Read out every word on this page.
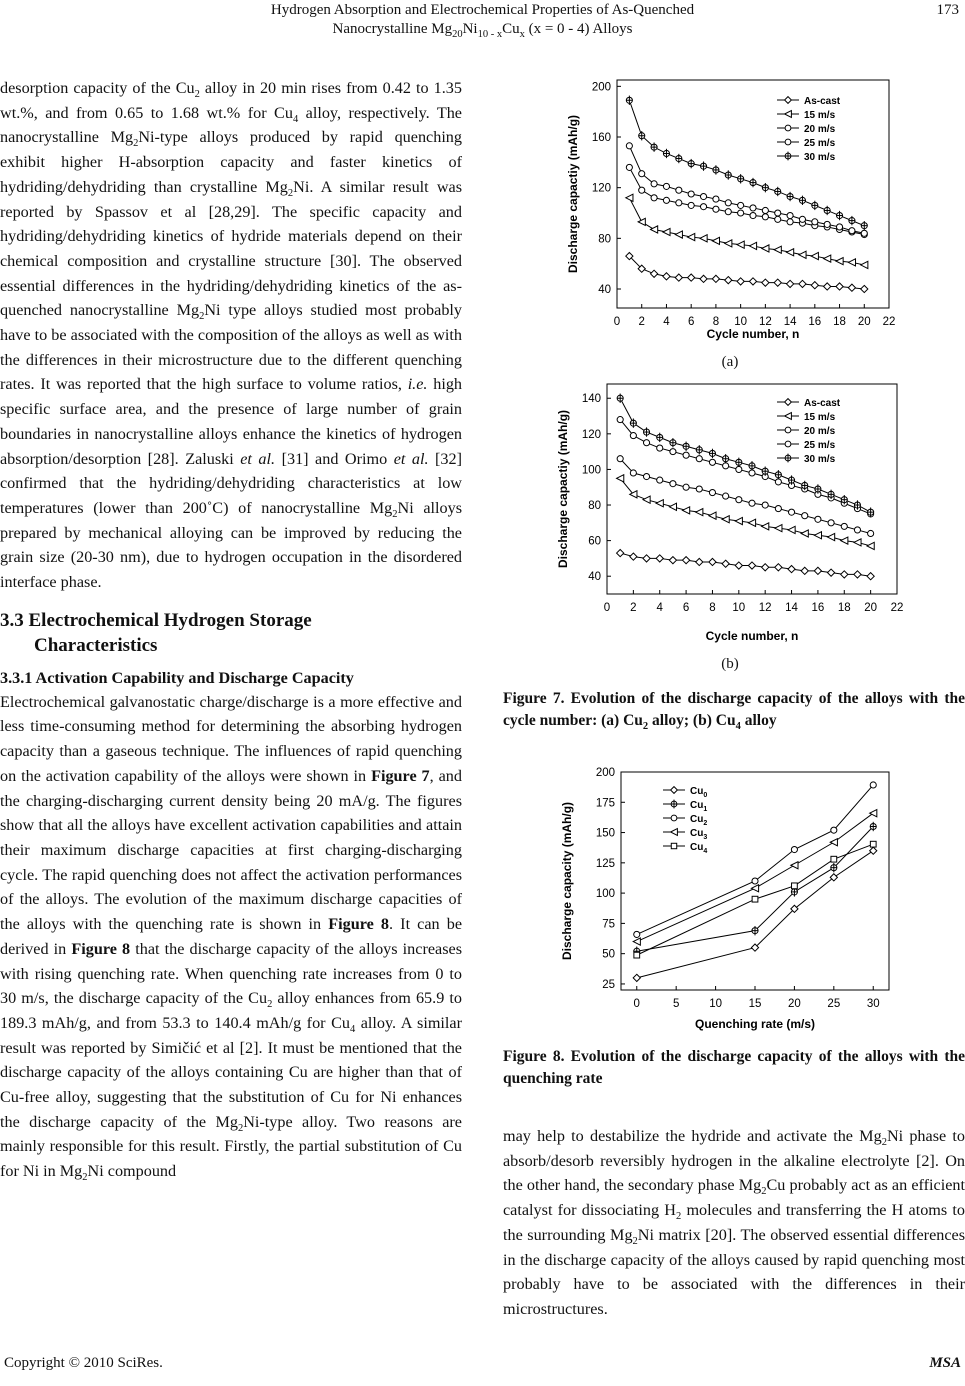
Hydrogen Absorption and Electrochemical Properties of As-Quenched
Nanocrystalline $Mg_{20}Ni_{10 - x}Cu_x$ (x = 0 - 4) Alloys
173

desorption capacity of the $Cu_2$ alloy in 20 min rises from 0.42 to 1.35 wt.%, and from 0.65 to 1.68 wt.% for $Cu_4$ alloy, respectively. The nanocrystalline $Mg_2Ni$-type alloys produced by rapid quenching exhibit higher H-absorption capacity and faster kinetics of hydriding/dehydriding than crystalline $Mg_2Ni$. A similar result was reported by Spassov et al [28,29]. The specific capacity and hydriding/dehydriding kinetics of hydride materials depend on their chemical composition and crystalline structure [30]. The observed essential differences in the hydriding/dehydriding kinetics of the as-quenched nanocrystalline $Mg_2Ni$ type alloys studied most probably have to be associated with the composition of the alloys as well as with the differences in their microstructure due to the different quenching rates. It was reported that the high surface to volume ratios, i.e. high specific surface area, and the presence of large number of grain boundaries in nanocrystalline alloys enhance the kinetics of hydrogen absorption/desorption [28]. Zaluski et al. [31] and Orimo et al. [32] confirmed that the hydriding/dehydriding characteristics at low temperatures (lower than 200˚C) of nanocrystalline $Mg_2Ni$ alloys prepared by mechanical alloying can be improved by reducing the grain size (20-30 nm), due to hydrogen occupation in the disordered interface phase.

3.3 Electrochemical Hydrogen Storage
Characteristics
3.3.1 Activation Capability and Discharge Capacity

Electrochemical galvanostatic charge/discharge is a more effective and less time-consuming method for determining the absorbing hydrogen capacity than a gaseous technique. The influences of rapid quenching on the activation capability of the alloys were shown in Figure 7, and the charging-discharging current density being 20 mA/g. The figures show that all the alloys have excellent activation capabilities and attain their maximum discharge capacities at first charging-discharging cycle. The rapid quenching does not affect the activation performances of the alloys. The evolution of the maximum discharge capacities of the alloys with the quenching rate is shown in Figure 8. It can be derived in Figure 8 that the discharge capacity of the alloys increases with rising quenching rate. When quenching rate increases from 0 to 30 m/s, the discharge capacity of the $Cu_2$ alloy enhances from 65.9 to 189.3 mAh/g, and from 53.3 to 140.4 mAh/g for $Cu_4$ alloy. A similar result was reported by Simičić et al [2]. It must be mentioned that the discharge capacity of the alloys containing Cu are higher than that of Cu-free alloy, suggesting that the substitution of Cu for Ni enhances the discharge capacity of the $Mg_2Ni$-type alloy. Two reasons are mainly responsible for this result. Firstly, the partial substitution of Cu for Ni in $Mg_2Ni$ compound

0 2 4 6 8 10 12 14 16 18 20 22
40
80
120
160
200
Cycle number, n
Discharge capactiy (mAh/g)
As-cast
15 m/s
20 m/s
25 m/s
30 m/s
(a)
0 2 4 6 8 10 12 14 16 18 20 22
40
60
80
100
120
140
Cycle number, n
Discharge capactiy (mAh/g)
As-cast
15 m/s
20 m/s
25 m/s
30 m/s
(b)
Figure 7. Evolution of the discharge capacity of the alloys with the cycle number: (a) $Cu_2$ alloy; (b) $Cu_4$ alloy
0	5	10 15 20 25 30
25
50
75
100
125
150
175
200
Quenching rate (m/s)
Discharge capacity (mAh/g)
$Cu_0$
$Cu_1$
$Cu_2$
$Cu_3$
$Cu_4$
Figure 8. Evolution of the discharge capacity of the alloys with the quenching rate

may help to destabilize the hydride and activate the $Mg_2Ni$ phase to absorb/desorb reversibly hydrogen in the alkaline electrolyte [2]. On the other hand, the secondary phase $Mg_2Cu$ probably act as an efficient catalyst for dissociating $H_2$ molecules and transferring the H atoms to the surrounding $Mg_2Ni$ matrix [20]. The observed essential differences in the discharge capacity of the alloys caused by rapid quenching most probably have to be associated with the differences in their microstructures.

Copyright © 2010 SciRes.	MSA
